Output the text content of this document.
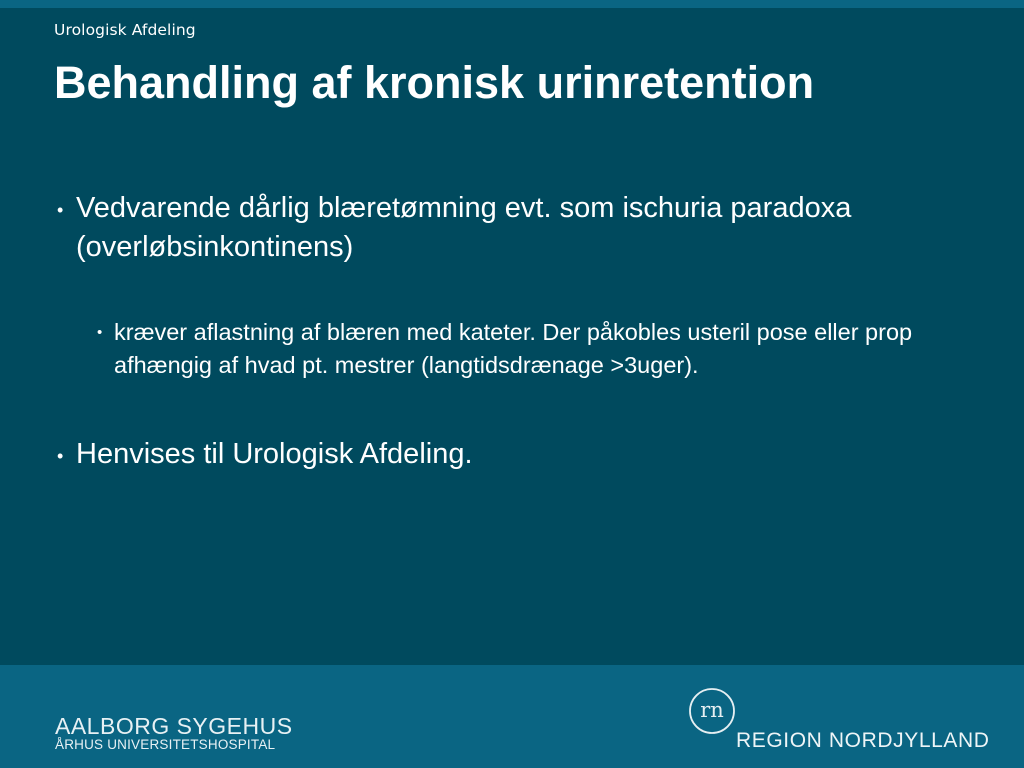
Urologisk Afdeling
Behandling af kronisk urinretention
• Vedvarende dårlig blæretømning evt. som ischuria paradoxa (overløbsinkontinens)
• kræver aflastning af blæren med kateter. Der påkobles usteril pose eller prop afhængig af hvad pt. mestrer (langtidsdrænage >3uger).
• Henvises til Urologisk Afdeling.
AALBORG SYGEHUS
ÅRHUS UNIVERSITETSHOSPITAL
rn
REGION NORDJYLLAND
